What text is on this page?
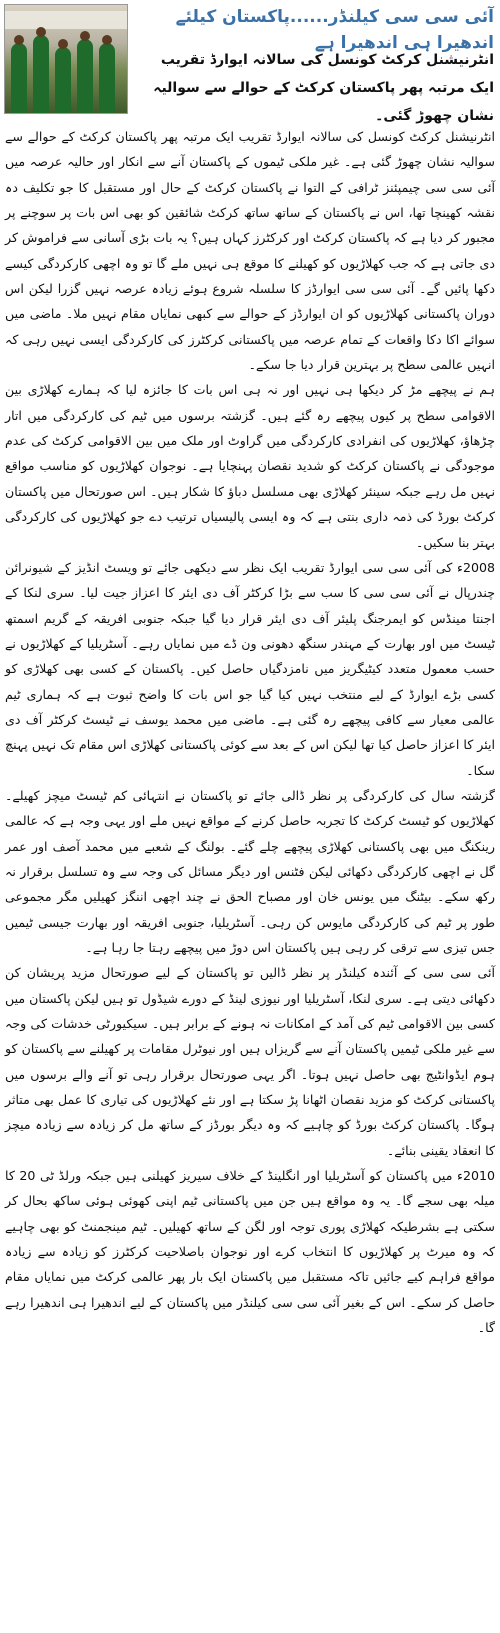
آئی سی سی کیلنڈر......پاکستان کیلئے اندھیرا ہی اندھیرا ہے
انٹرنیشنل کرکٹ کونسل کی سالانہ ایوارڈ تقریب ایک مرتبہ پھر پاکستان کرکٹ کے حوالے سے سوالیہ نشان چھوڑ گئی۔

انٹرنیشنل کرکٹ کونسل کی سالانہ ایوارڈ تقریب ایک مرتبہ پھر پاکستان کرکٹ کے حوالے سے سوالیہ نشان چھوڑ گئی ہے۔ غیر ملکی ٹیموں کے پاکستان آنے سے انکار اور حالیہ عرصہ میں آئی سی سی چیمپئنز ٹرافی کے التوا نے پاکستان کرکٹ کے حال اور مستقبل کا جو تکلیف دہ نقشہ کھینچا تھا، اس نے پاکستان کے ساتھ ساتھ کرکٹ شائقین کو بھی اس بات پر سوچنے پر مجبور کر دیا ہے کہ پاکستان کرکٹ اور کرکٹرز کہاں ہیں؟ یہ بات بڑی آسانی سے فراموش کر دی جاتی ہے کہ جب کھلاڑیوں کو کھیلنے کا موقع ہی نہیں ملے گا تو وہ اچھی کارکردگی کیسے دکھا پائیں گے۔ آئی سی سی ایوارڈز کا سلسلہ شروع ہوئے زیادہ عرصہ نہیں گزرا لیکن اس دوران پاکستانی کھلاڑیوں کو ان ایوارڈز کے حوالے سے کبھی نمایاں مقام نہیں ملا۔ ماضی میں سوائے اکا دکا واقعات کے تمام عرصہ میں پاکستانی کرکٹرز کی کارکردگی ایسی نہیں رہی کہ انہیں عالمی سطح پر بہترین قرار دیا جا سکے۔

ہم نے پیچھے مڑ کر دیکھا ہی نہیں اور نہ ہی اس بات کا جائزہ لیا کہ ہمارے کھلاڑی بین الاقوامی سطح پر کیوں پیچھے رہ گئے ہیں۔ گزشتہ برسوں میں ٹیم کی کارکردگی میں اتار چڑھاؤ، کھلاڑیوں کی انفرادی کارکردگی میں گراوٹ اور ملک میں بین الاقوامی کرکٹ کی عدم موجودگی نے پاکستان کرکٹ کو شدید نقصان پہنچایا ہے۔ نوجوان کھلاڑیوں کو مناسب مواقع نہیں مل رہے جبکہ سینئر کھلاڑی بھی مسلسل دباؤ کا شکار ہیں۔ اس صورتحال میں پاکستان کرکٹ بورڈ کی ذمہ داری بنتی ہے کہ وہ ایسی پالیسیاں ترتیب دے جو کھلاڑیوں کی کارکردگی بہتر بنا سکیں۔

2008ء کی آئی سی سی ایوارڈ تقریب ایک نظر سے دیکھی جائے تو ویسٹ انڈیز کے شیونرائن چندرپال نے آئی سی سی کا سب سے بڑا کرکٹر آف دی ایئر کا اعزاز جیت لیا۔ سری لنکا کے اجنتا مینڈس کو ایمرجنگ پلیئر آف دی ایئر قرار دیا گیا جبکہ جنوبی افریقہ کے گریم اسمتھ ٹیسٹ میں اور بھارت کے مہندر سنگھ دھونی ون ڈے میں نمایاں رہے۔ آسٹریلیا کے کھلاڑیوں نے حسب معمول متعدد کیٹیگریز میں نامزدگیاں حاصل کیں۔ پاکستان کے کسی بھی کھلاڑی کو کسی بڑے ایوارڈ کے لیے منتخب نہیں کیا گیا جو اس بات کا واضح ثبوت ہے کہ ہماری ٹیم عالمی معیار سے کافی پیچھے رہ گئی ہے۔ ماضی میں محمد یوسف نے ٹیسٹ کرکٹر آف دی ایئر کا اعزاز حاصل کیا تھا لیکن اس کے بعد سے کوئی پاکستانی کھلاڑی اس مقام تک نہیں پہنچ سکا۔

گزشتہ سال کی کارکردگی پر نظر ڈالی جائے تو پاکستان نے انتہائی کم ٹیسٹ میچز کھیلے۔ کھلاڑیوں کو ٹیسٹ کرکٹ کا تجربہ حاصل کرنے کے مواقع نہیں ملے اور یہی وجہ ہے کہ عالمی رینکنگ میں بھی پاکستانی کھلاڑی پیچھے چلے گئے۔ بولنگ کے شعبے میں محمد آصف اور عمر گل نے اچھی کارکردگی دکھائی لیکن فٹنس اور دیگر مسائل کی وجہ سے وہ تسلسل برقرار نہ رکھ سکے۔ بیٹنگ میں یونس خان اور مصباح الحق نے چند اچھی اننگز کھیلیں مگر مجموعی طور پر ٹیم کی کارکردگی مایوس کن رہی۔ آسٹریلیا، جنوبی افریقہ اور بھارت جیسی ٹیمیں جس تیزی سے ترقی کر رہی ہیں پاکستان اس دوڑ میں پیچھے رہتا جا رہا ہے۔

آئی سی سی کے آئندہ کیلنڈر پر نظر ڈالیں تو پاکستان کے لیے صورتحال مزید پریشان کن دکھائی دیتی ہے۔ سری لنکا، آسٹریلیا اور نیوزی لینڈ کے دورے شیڈول تو ہیں لیکن پاکستان میں کسی بین الاقوامی ٹیم کی آمد کے امکانات نہ ہونے کے برابر ہیں۔ سیکیورٹی خدشات کی وجہ سے غیر ملکی ٹیمیں پاکستان آنے سے گریزاں ہیں اور نیوٹرل مقامات پر کھیلنے سے پاکستان کو ہوم ایڈوانٹیج بھی حاصل نہیں ہوتا۔ اگر یہی صورتحال برقرار رہی تو آنے والے برسوں میں پاکستانی کرکٹ کو مزید نقصان اٹھانا پڑ سکتا ہے اور نئے کھلاڑیوں کی تیاری کا عمل بھی متاثر ہوگا۔ پاکستان کرکٹ بورڈ کو چاہیے کہ وہ دیگر بورڈز کے ساتھ مل کر زیادہ سے زیادہ میچز کا انعقاد یقینی بنائے۔

2010ء میں پاکستان کو آسٹریلیا اور انگلینڈ کے خلاف سیریز کھیلنی ہیں جبکہ ورلڈ ٹی 20 کا میلہ بھی سجے گا۔ یہ وہ مواقع ہیں جن میں پاکستانی ٹیم اپنی کھوئی ہوئی ساکھ بحال کر سکتی ہے بشرطیکہ کھلاڑی پوری توجہ اور لگن کے ساتھ کھیلیں۔ ٹیم مینجمنٹ کو بھی چاہیے کہ وہ میرٹ پر کھلاڑیوں کا انتخاب کرے اور نوجوان باصلاحیت کرکٹرز کو زیادہ سے زیادہ مواقع فراہم کیے جائیں تاکہ مستقبل میں پاکستان ایک بار پھر عالمی کرکٹ میں نمایاں مقام حاصل کر سکے۔ اس کے بغیر آئی سی سی کیلنڈر میں پاکستان کے لیے اندھیرا ہی اندھیرا رہے گا۔
